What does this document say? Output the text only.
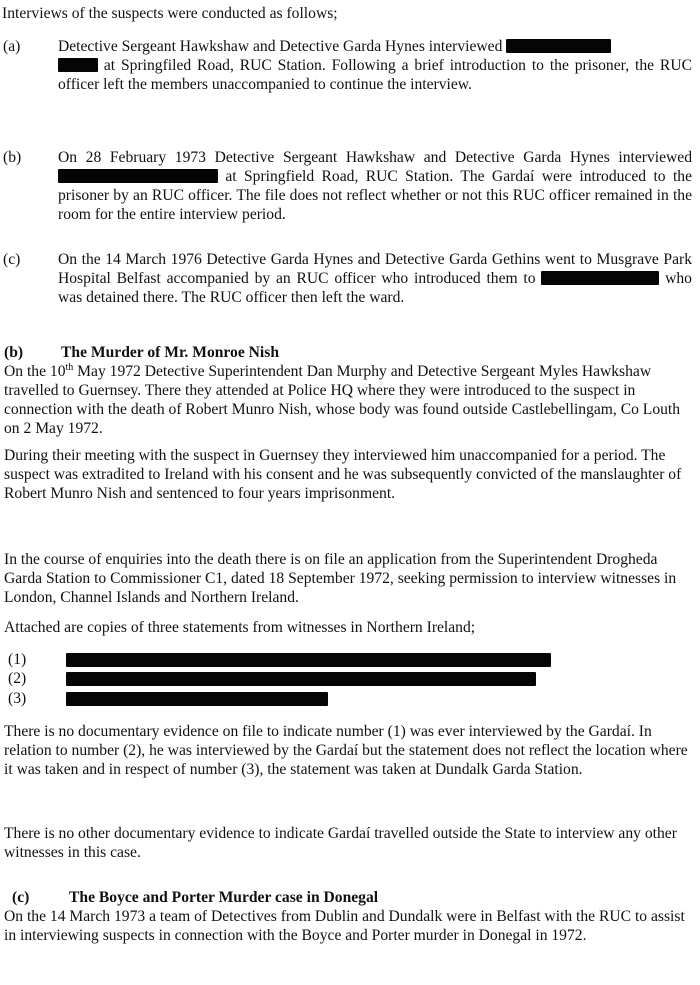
Interviews of the suspects were conducted as follows;
(a) Detective Sergeant Hawkshaw and Detective Garda Hynes interviewed
at Springfiled Road, RUC Station. Following a brief introduction to the prisoner, the RUC officer left the members unaccompanied to continue the interview.
(b) On 28 February 1973 Detective Sergeant Hawkshaw and Detective Garda Hynes interviewed  at Springfield Road, RUC Station. The Gardaí were introduced to the prisoner by an RUC officer. The file does not reflect whether or not this RUC officer remained in the room for the entire interview period.
(c) On the 14 March 1976 Detective Garda Hynes and Detective Garda Gethins went to Musgrave Park Hospital Belfast accompanied by an RUC officer who introduced them to	who was detained there. The RUC officer then left the ward.
(b) The Murder of Mr. Monroe Nish
On the 10th May 1972 Detective Superintendent Dan Murphy and Detective Sergeant Myles Hawkshaw travelled to Guernsey. There they attended at Police HQ where they were introduced to the suspect in connection with the death of Robert Munro Nish, whose body was found outside Castlebellingam, Co Louth on 2 May 1972.
During their meeting with the suspect in Guernsey they interviewed him unaccompanied for a period. The suspect was extradited to Ireland with his consent and he was subsequently convicted of the manslaughter of Robert Munro Nish and sentenced to four years imprisonment.
In the course of enquiries into the death there is on file an application from the Superintendent Drogheda Garda Station to Commissioner C1, dated 18 September 1972, seeking permission to interview witnesses in London, Channel Islands and Northern Ireland.
Attached are copies of three statements from witnesses in Northern Ireland;
(1)
(2)
(3)
There is no documentary evidence on file to indicate number (1) was ever interviewed by the Gardaí. In relation to number (2), he was interviewed by the Gardaí but the statement does not reflect the location where it was taken and in respect of number (3), the statement was taken at Dundalk Garda Station.
There is no other documentary evidence to indicate Gardaí travelled outside the State to interview any other witnesses in this case.
(c)	The Boyce and Porter Murder case in Donegal
On the 14 March 1973 a team of Detectives from Dublin and Dundalk were in Belfast with the RUC to assist in interviewing suspects in connection with the Boyce and Porter murder in Donegal in 1972.
